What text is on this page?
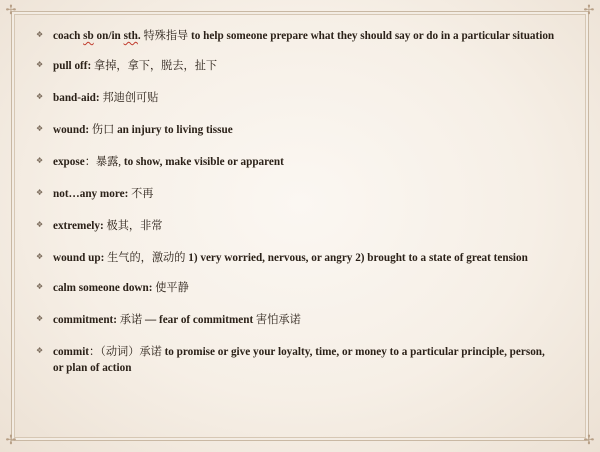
✢	✢
✢	✢
❖ coach sb on/in sth. 特殊指导 to help someone prepare what they should say or do in a particular situation
❖ pull off: 拿掉，拿下，脱去，扯下
❖ band-aid: 邦迪创可贴
❖ wound: 伤口 an injury to living tissue
❖ expose：暴露, to show, make visible or apparent
❖ not…any more: 不再
❖ extremely: 极其，非常
❖ wound up: 生气的，激动的 1) very worried, nervous, or angry 2) brought to a state of great tension
❖ calm someone down: 使平静
❖ commitment: 承诺 — fear of commitment 害怕承诺
❖ commit：（动词）承诺 to promise or give your loyalty, time, or money to a particular principle, person, or plan of action
